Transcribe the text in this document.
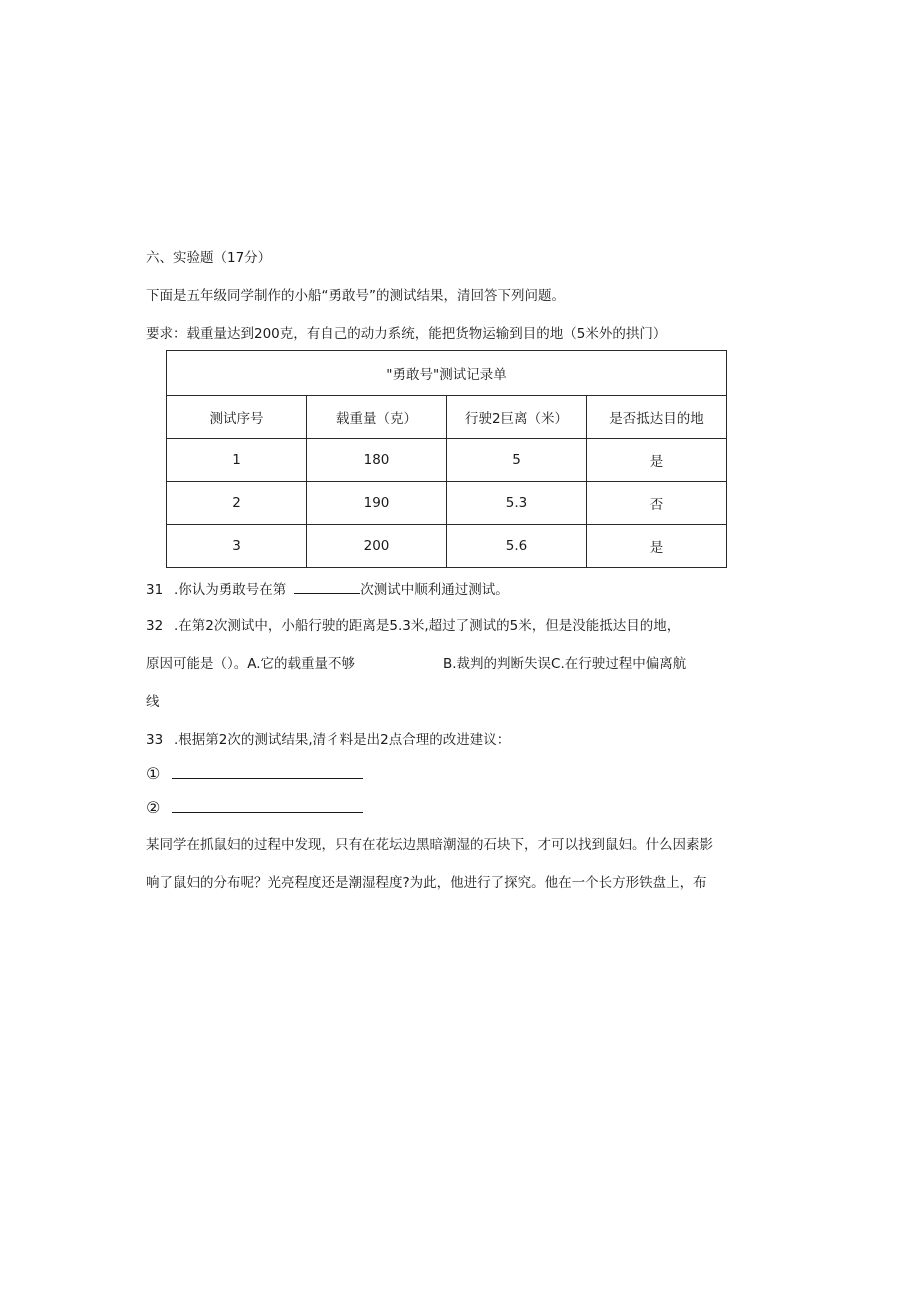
六、实验题（17分）
下面是五年级同学制作的小船“勇敢号”的测试结果，清回答下列问题。
要求：载重量达到200克，有自己的动力系统，能把货物运输到目的地（5米外的拱门）
"勇敢号"测试记录单			
测试序号	载重量（克）	行驶2巨离（米）	是否抵达目的地
1	180	5	是
2	190	5.3	否
3	200	5.6	是
31 .你认为勇敢号在第	次测试中顺利通过测试。
32 .在第2次测试中，小船行驶的距离是5.3米,超过了测试的5米，但是没能抵达目的地，
原因可能是（）。A.它的载重量不够	B.裁判的判断失误C.在行驶过程中偏离航
线
33 .根据第2次的测试结果,清彳料是出2点合理的改进建议：
①
②
某同学在抓鼠妇的过程中发现，只有在花坛边黑暗潮湿的石块下，才可以找到鼠妇。什么因素影
响了鼠妇的分布呢？光亮程度还是潮湿程度?为此，他进行了探究。他在一个长方形铁盘上，布
